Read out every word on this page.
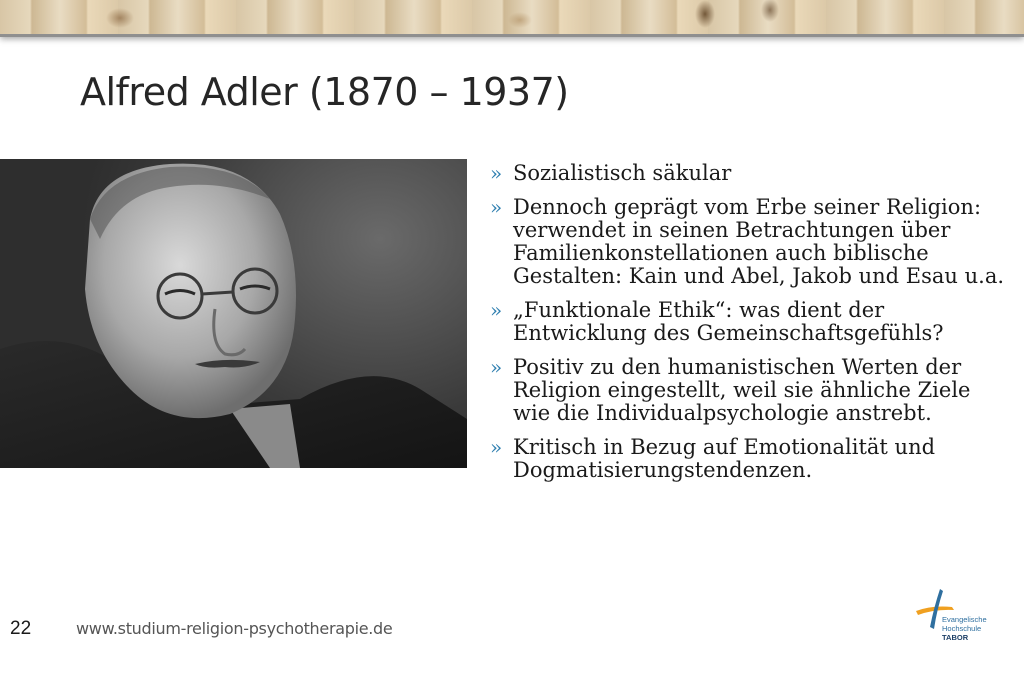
Alfred Adler (1870 – 1937)
» Sozialistisch säkular
» Dennoch geprägt vom Erbe seiner Religion: verwendet in seinen Betrachtungen über Familienkonstellationen auch biblische Gestalten: Kain und Abel, Jakob und Esau u.a.
» „Funktionale Ethik“: was dient der Entwicklung des Gemeinschaftsgefühls?
» Positiv zu den humanistischen Werten der Religion eingestellt, weil sie ähnliche Ziele wie die Individualpsychologie anstrebt.
» Kritisch in Bezug auf Emotionalität und Dogmatisierungstendenzen.
22	www.studium-religion-psychotherapie.de	Evangelische
Hochschule
TABOR
